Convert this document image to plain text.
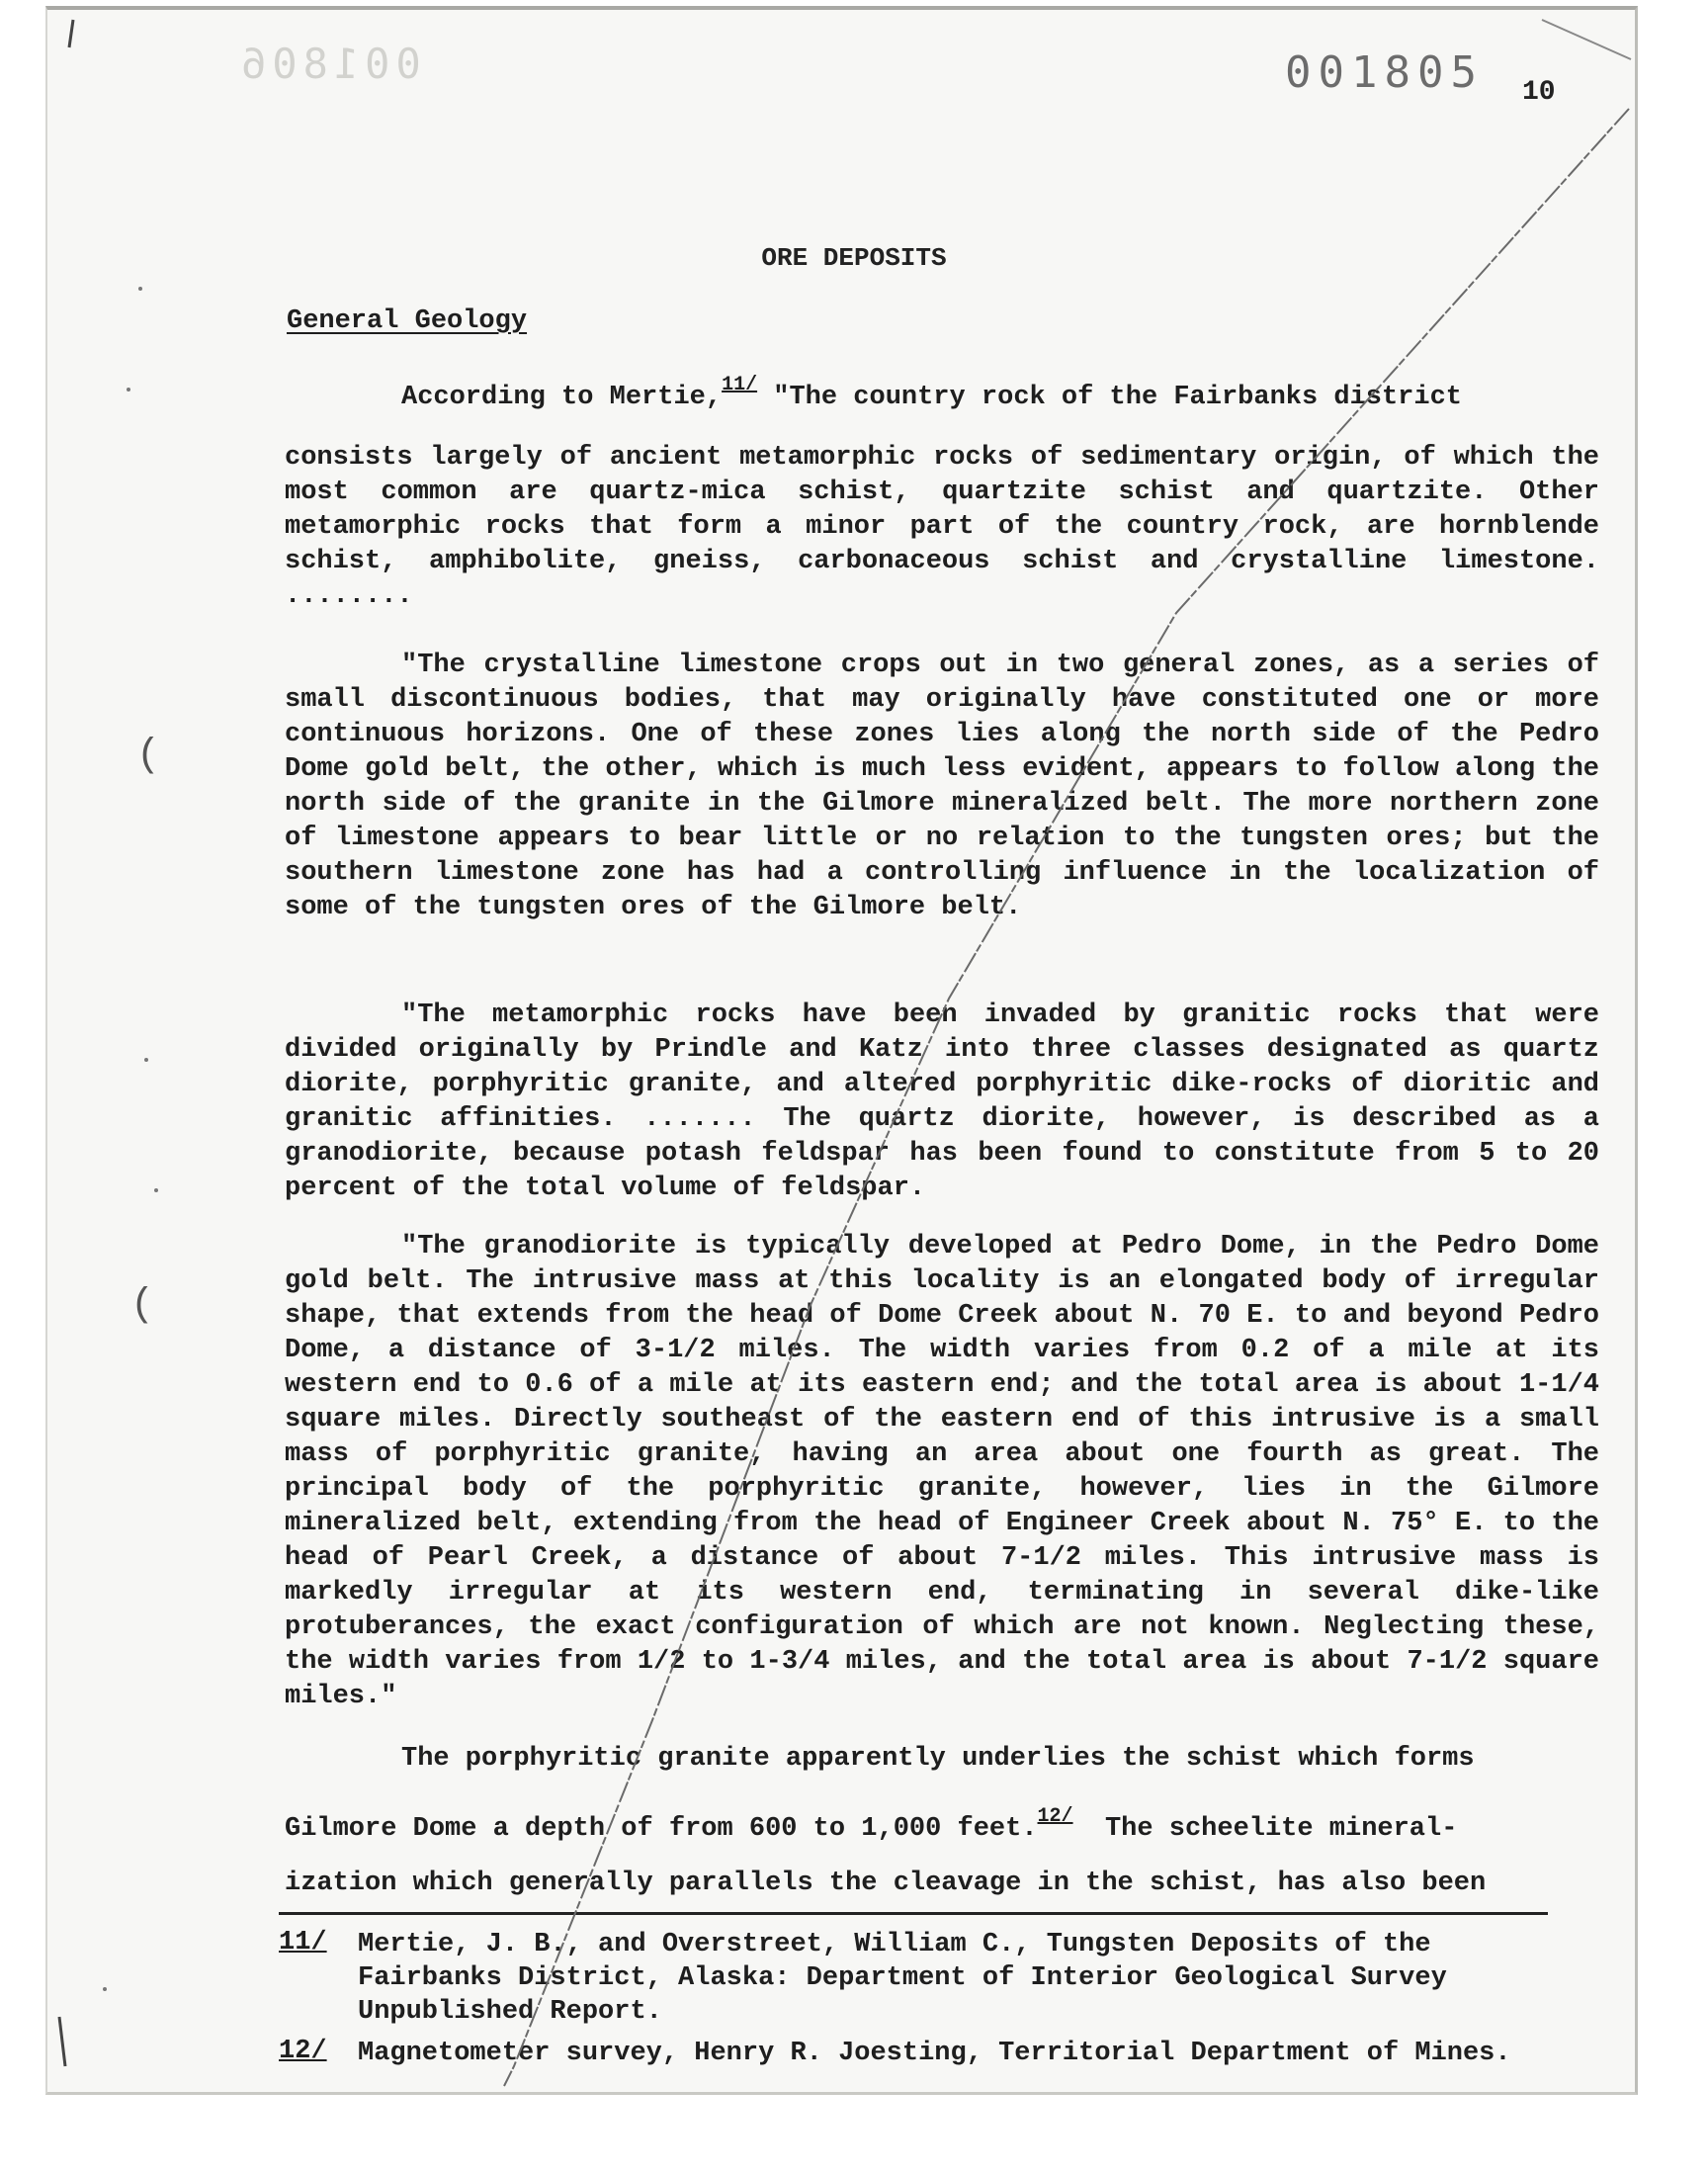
001806	001805 10
ORE DEPOSITS
General Geology
According to Mertie,$^{11/}$ "The country rock of the Fairbanks district
consists largely of ancient metamorphic rocks of sedimentary origin, of which the most common are quartz-mica schist, quartzite schist and quartzite. Other metamorphic rocks that form a minor part of the country rock, are hornblende schist, amphibolite, gneiss, carbonaceous schist and crystalline limestone. ........
"The crystalline limestone crops out in two general zones, as a series of small discontinuous bodies, that may originally have constituted one or more continuous horizons. One of these zones lies along the north side of the Pedro Dome gold belt, the other, which is much less evident, appears to follow along the north side of the granite in the Gilmore mineralized belt. The more northern zone of limestone appears to bear little or no relation to the tungsten ores; but the southern limestone zone has had a controlling influence in the localization of some of the tungsten ores of the Gilmore belt.
"The metamorphic rocks have been invaded by granitic rocks that were divided originally by Prindle and Katz into three classes designated as quartz diorite, porphyritic granite, and altered porphyritic dike-rocks of dioritic and granitic affinities. ....... The quartz diorite, however, is described as a granodiorite, because potash feldspar has been found to constitute from 5 to 20 percent of the total volume of feldspar.
"The granodiorite is typically developed at Pedro Dome, in the Pedro Dome gold belt. The intrusive mass at this locality is an elongated body of irregular shape, that extends from the head of Dome Creek about N. 70 E. to and beyond Pedro Dome, a distance of 3-1/2 miles. The width varies from 0.2 of a mile at its western end to 0.6 of a mile at its eastern end; and the total area is about 1-1/4 square miles. Directly southeast of the eastern end of this intrusive is a small mass of porphyritic granite, having an area about one fourth as great. The principal body of the porphyritic granite, however, lies in the Gilmore mineralized belt, extending from the head of Engineer Creek about N. 75° E. to the head of Pearl Creek, a distance of about 7-1/2 miles. This intrusive mass is markedly irregular at its western end, terminating in several dike-like protuberances, the exact configuration of which are not known. Neglecting these, the width varies from 1/2 to 1-3/4 miles, and the total area is about 7-1/2 square miles."
The porphyritic granite apparently underlies the schist which forms
Gilmore Dome a depth of from 600 to 1,000 feet.$^{12/}$ The scheelite mineral-
ization which generally parallels the cleavage in the schist, has also been
11/ Mertie, J. B., and Overstreet, William C., Tungsten Deposits of the Fairbanks District, Alaska: Department of Interior Geological Survey Unpublished Report.
12/ Magnetometer survey, Henry R. Joesting, Territorial Department of Mines.
(
(
